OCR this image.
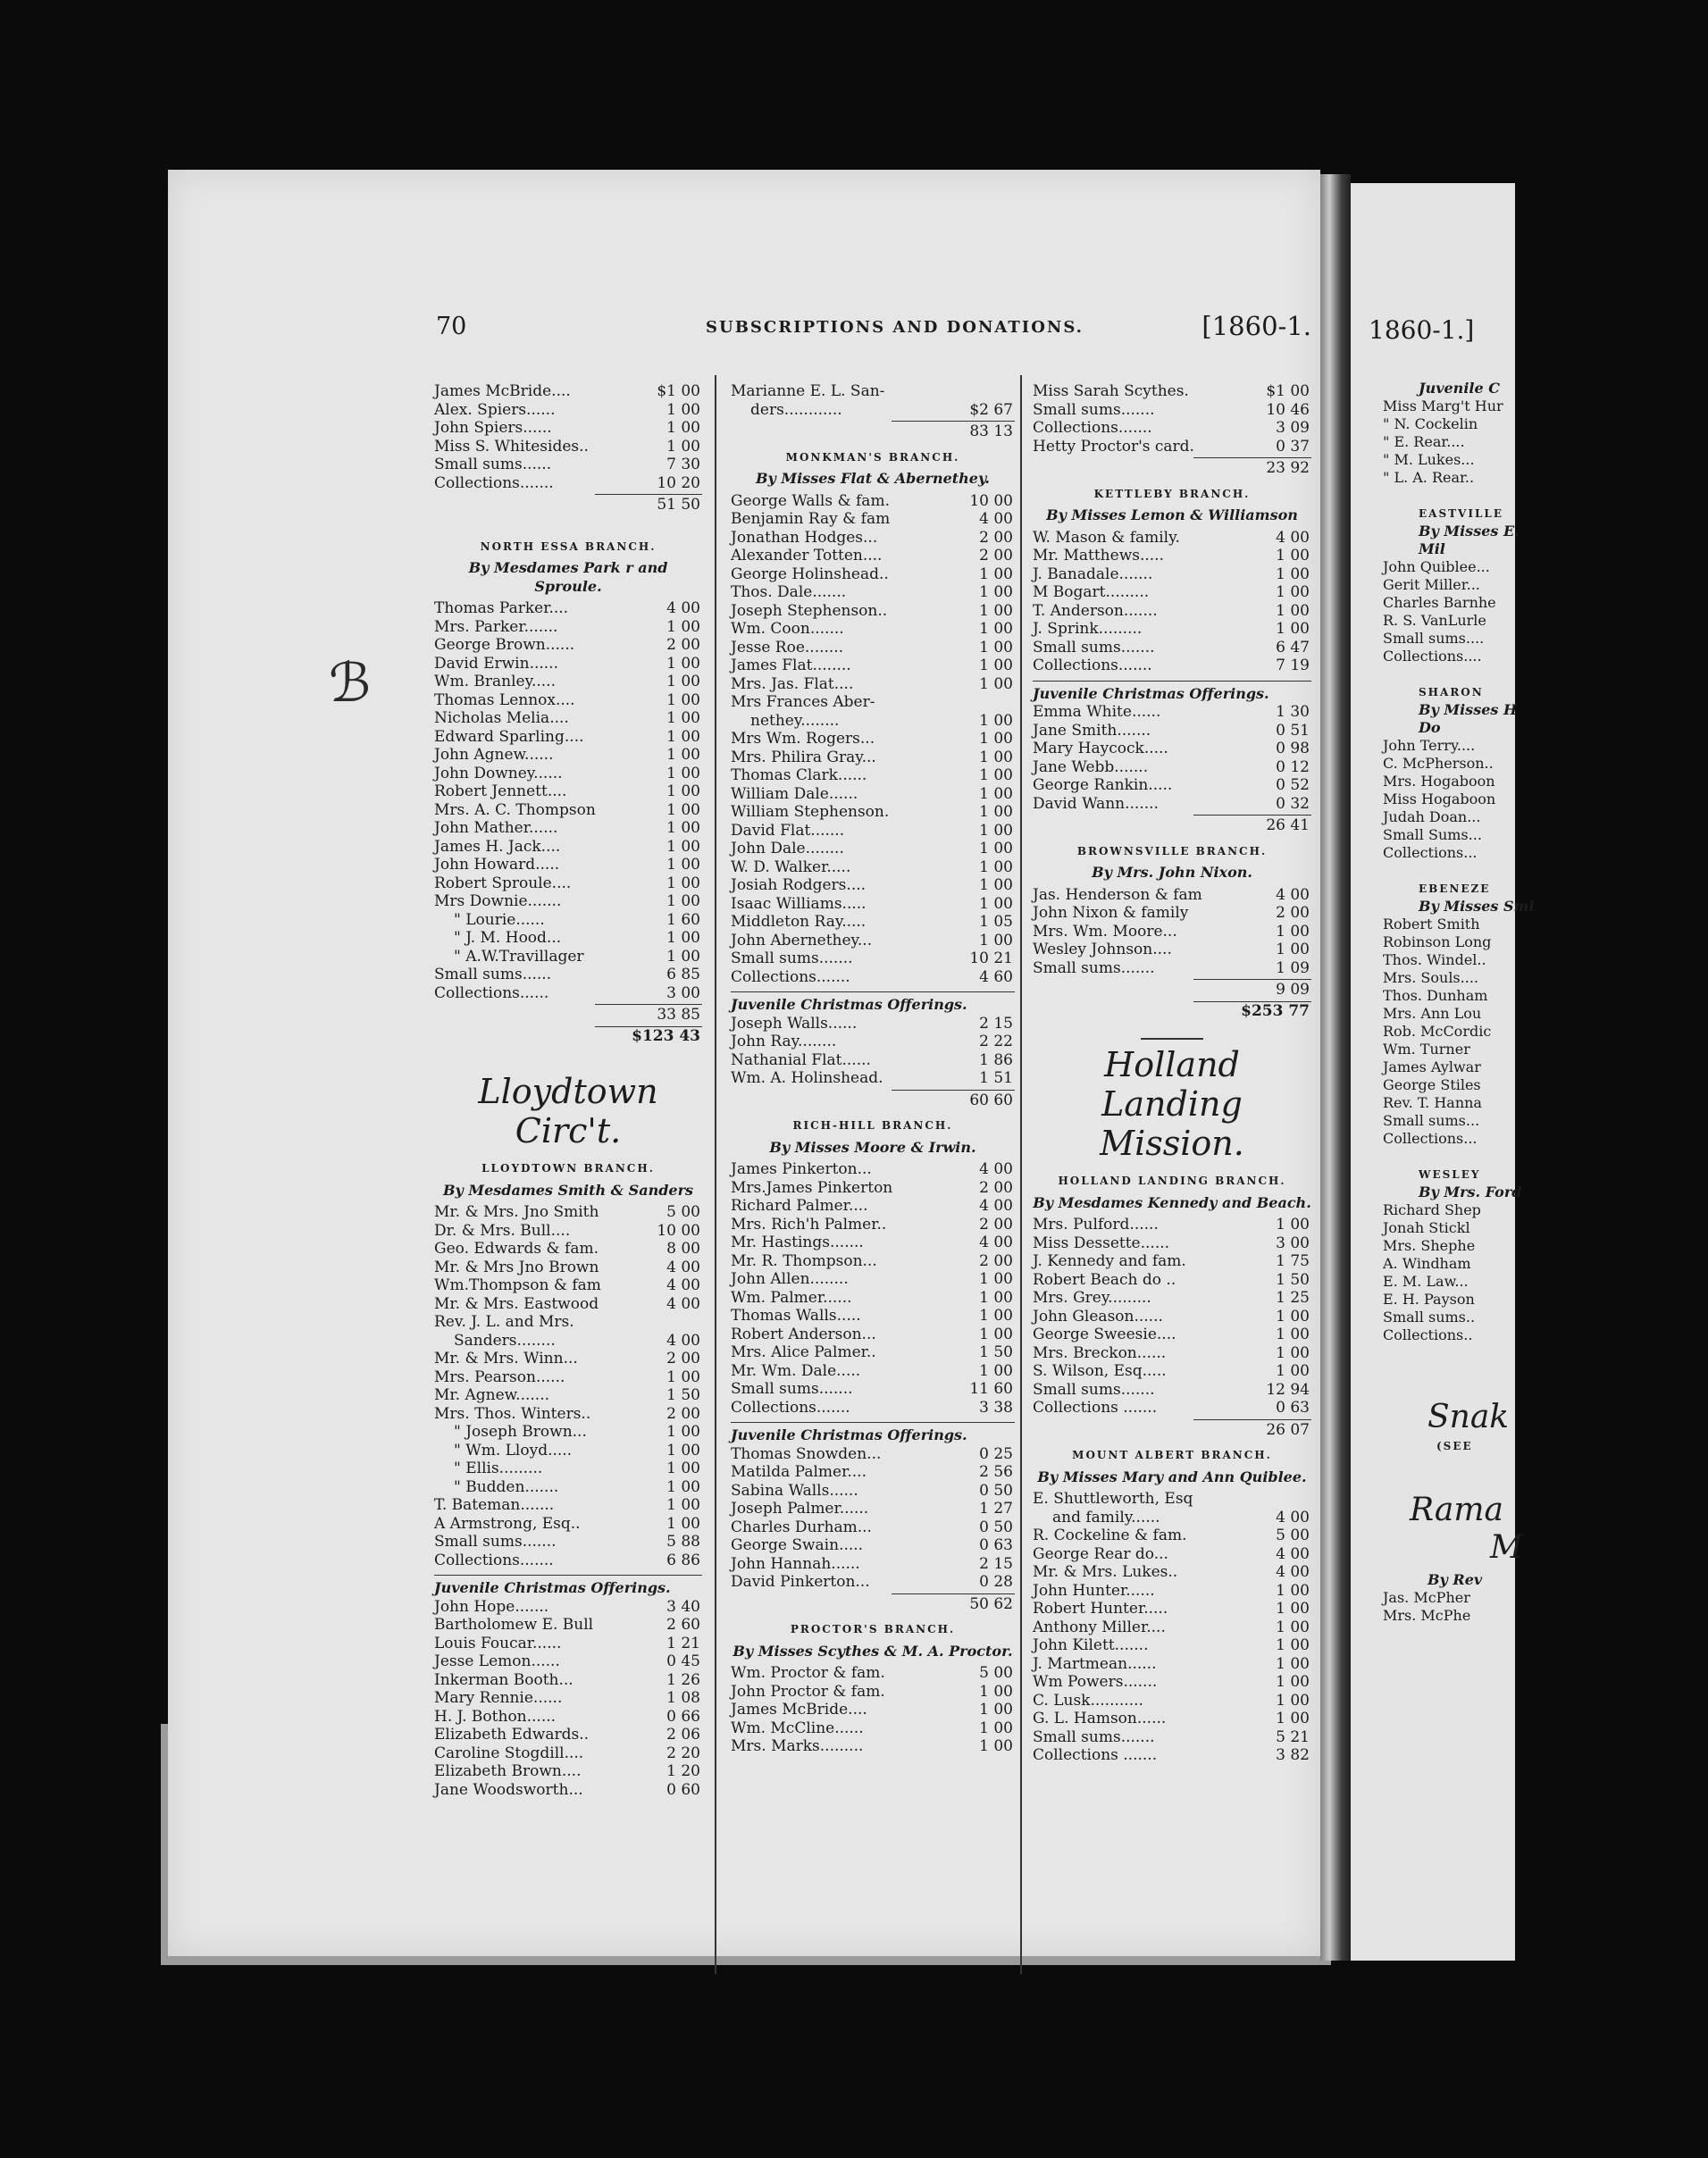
1860-1.]
Juvenile C
Miss Marg't Hur
" N. Cockelin
" E. Rear....
" M. Lukes...
" L. A. Rear..
EASTVILLE
By Misses E.
Mil
John Quiblee...
Gerit Miller...
Charles Barnhe
R. S. VanLurle
Small sums....
Collections....
SHARON
By Misses H
Do
John Terry....
C. McPherson..
Mrs. Hogaboon
Miss Hogaboon
Judah Doan...
Small Sums...
Collections...
EBENEZE
By Misses Smi
Robert Smith
Robinson Long
Thos. Windel..
Mrs. Souls....
Thos. Dunham
Mrs. Ann Lou
Rob. McCordic
Wm. Turner
James Aylwar
George Stiles
Rev. T. Hanna
Small sums...
Collections...
WESLEY
By Mrs. Ford
Richard Shep
Jonah Stickl
Mrs. Shephe
A. Windham
E. M. Law...
E. H. Payson
Small sums..
Collections..
Snak
(SEE
Rama
M
By Rev
Jas. McPher
Mrs. McPhe
70	SUBSCRIPTIONS AND DONATIONS.	[1860-1.
James McBride....	$1 00
Alex. Spiers......	1 00
John Spiers......	1 00
Miss S. Whitesides..	1 00
Small sums......	7 30
Collections.......	10 20
51 50
NORTH ESSA BRANCH.
By Mesdames Park r and Sproule.
Thomas Parker....	4 00
Mrs. Parker.......	1 00
George Brown......	2 00
David Erwin......	1 00
Wm. Branley.....	1 00
Thomas Lennox....	1 00
Nicholas Melia....	1 00
Edward Sparling....	1 00
John Agnew......	1 00
John Downey......	1 00
Robert Jennett....	1 00
Mrs. A. C. Thompson	1 00
John Mather......	1 00
James H. Jack....	1 00
John Howard.....	1 00
Robert Sproule....	1 00
Mrs Downie.......	1 00
" Lourie......	1 60
" J. M. Hood...	1 00
" A.W.Travillager	1 00
Small sums......	6 85
Collections......	3 00
33 85
$123 43
Lloydtown Circ't.
LLOYDTOWN BRANCH.
By Mesdames Smith & Sanders
Mr. & Mrs. Jno Smith	5 00
Dr. & Mrs. Bull....	10 00
Geo. Edwards & fam.	8 00
Mr. & Mrs Jno Brown	4 00
Wm.Thompson & fam	4 00
Mr. & Mrs. Eastwood	4 00
Rev. J. L. and Mrs.
Sanders........	4 00
Mr. & Mrs. Winn...	2 00
Mrs. Pearson......	1 00
Mr. Agnew.......	1 50
Mrs. Thos. Winters..	2 00
" Joseph Brown...	1 00
" Wm. Lloyd.....	1 00
" Ellis.........	1 00
" Budden.......	1 00
T. Bateman.......	1 00
A Armstrong, Esq..	1 00
Small sums.......	5 88
Collections.......	6 86
Juvenile Christmas Offerings.
John Hope.......	3 40
Bartholomew E. Bull	2 60
Louis Foucar......	1 21
Jesse Lemon......	0 45
Inkerman Booth...	1 26
Mary Rennie......	1 08
H. J. Bothon......	0 66
Elizabeth Edwards..	2 06
Caroline Stogdill....	2 20
Elizabeth Brown....	1 20
Jane Woodsworth...	0 60
Marianne E. L. San-
ders............	$2 67
83 13
MONKMAN'S BRANCH.
By Misses Flat & Abernethey.
George Walls & fam.	10 00
Benjamin Ray & fam	4 00
Jonathan Hodges...	2 00
Alexander Totten....	2 00
George Holinshead..	1 00
Thos. Dale.......	1 00
Joseph Stephenson..	1 00
Wm. Coon.......	1 00
Jesse Roe........	1 00
James Flat........	1 00
Mrs. Jas. Flat....	1 00
Mrs Frances Aber-
nethey........	1 00
Mrs Wm. Rogers...	1 00
Mrs. Philira Gray...	1 00
Thomas Clark......	1 00
William Dale......	1 00
William Stephenson.	1 00
David Flat.......	1 00
John Dale........	1 00
W. D. Walker.....	1 00
Josiah Rodgers....	1 00
Isaac Williams.....	1 00
Middleton Ray.....	1 05
John Abernethey...	1 00
Small sums.......	10 21
Collections.......	4 60
Juvenile Christmas Offerings.
Joseph Walls......	2 15
John Ray........	2 22
Nathanial Flat......	1 86
Wm. A. Holinshead.	1 51
60 60
RICH-HILL BRANCH.
By Misses Moore & Irwin.
James Pinkerton...	4 00
Mrs.James Pinkerton	2 00
Richard Palmer....	4 00
Mrs. Rich'h Palmer..	2 00
Mr. Hastings.......	4 00
Mr. R. Thompson...	2 00
John Allen........	1 00
Wm. Palmer......	1 00
Thomas Walls.....	1 00
Robert Anderson...	1 00
Mrs. Alice Palmer..	1 50
Mr. Wm. Dale.....	1 00
Small sums.......	11 60
Collections.......	3 38
Juvenile Christmas Offerings.
Thomas Snowden...	0 25
Matilda Palmer....	2 56
Sabina Walls......	0 50
Joseph Palmer......	1 27
Charles Durham...	0 50
George Swain.....	0 63
John Hannah......	2 15
David Pinkerton...	0 28
50 62
PROCTOR'S BRANCH.
By Misses Scythes & M. A. Proctor.
Wm. Proctor & fam.	5 00
John Proctor & fam.	1 00
James McBride....	1 00
Wm. McCline......	1 00
Mrs. Marks.........	1 00
Miss Sarah Scythes.	$1 00
Small sums.......	10 46
Collections.......	3 09
Hetty Proctor's card.	0 37
23 92
KETTLEBY BRANCH.
By Misses Lemon & Williamson
W. Mason & family.	4 00
Mr. Matthews.....	1 00
J. Banadale.......	1 00
M Bogart.........	1 00
T. Anderson.......	1 00
J. Sprink.........	1 00
Small sums.......	6 47
Collections.......	7 19
Juvenile Christmas Offerings.
Emma White......	1 30
Jane Smith.......	0 51
Mary Haycock.....	0 98
Jane Webb.......	0 12
George Rankin.....	0 52
David Wann.......	0 32
26 41
BROWNSVILLE BRANCH.
By Mrs. John Nixon.
Jas. Henderson & fam	4 00
John Nixon & family	2 00
Mrs. Wm. Moore...	1 00
Wesley Johnson....	1 00
Small sums.......	1 09
9 09
$253 77
Holland Landing Mission.
HOLLAND LANDING BRANCH.
By Mesdames Kennedy and Beach.
Mrs. Pulford......	1 00
Miss Dessette......	3 00
J. Kennedy and fam.	1 75
Robert Beach do ..	1 50
Mrs. Grey.........	1 25
John Gleason......	1 00
George Sweesie....	1 00
Mrs. Breckon......	1 00
S. Wilson, Esq.....	1 00
Small sums.......	12 94
Collections .......	0 63
26 07
MOUNT ALBERT BRANCH.
By Misses Mary and Ann Quiblee.
E. Shuttleworth, Esq
and family......	4 00
R. Cockeline & fam.	5 00
George Rear do...	4 00
Mr. & Mrs. Lukes..	4 00
John Hunter......	1 00
Robert Hunter.....	1 00
Anthony Miller....	1 00
John Kilett.......	1 00
J. Martmean......	1 00
Wm Powers.......	1 00
C. Lusk...........	1 00
G. L. Hamson......	1 00
Small sums.......	5 21
Collections .......	3 82
ℬ
